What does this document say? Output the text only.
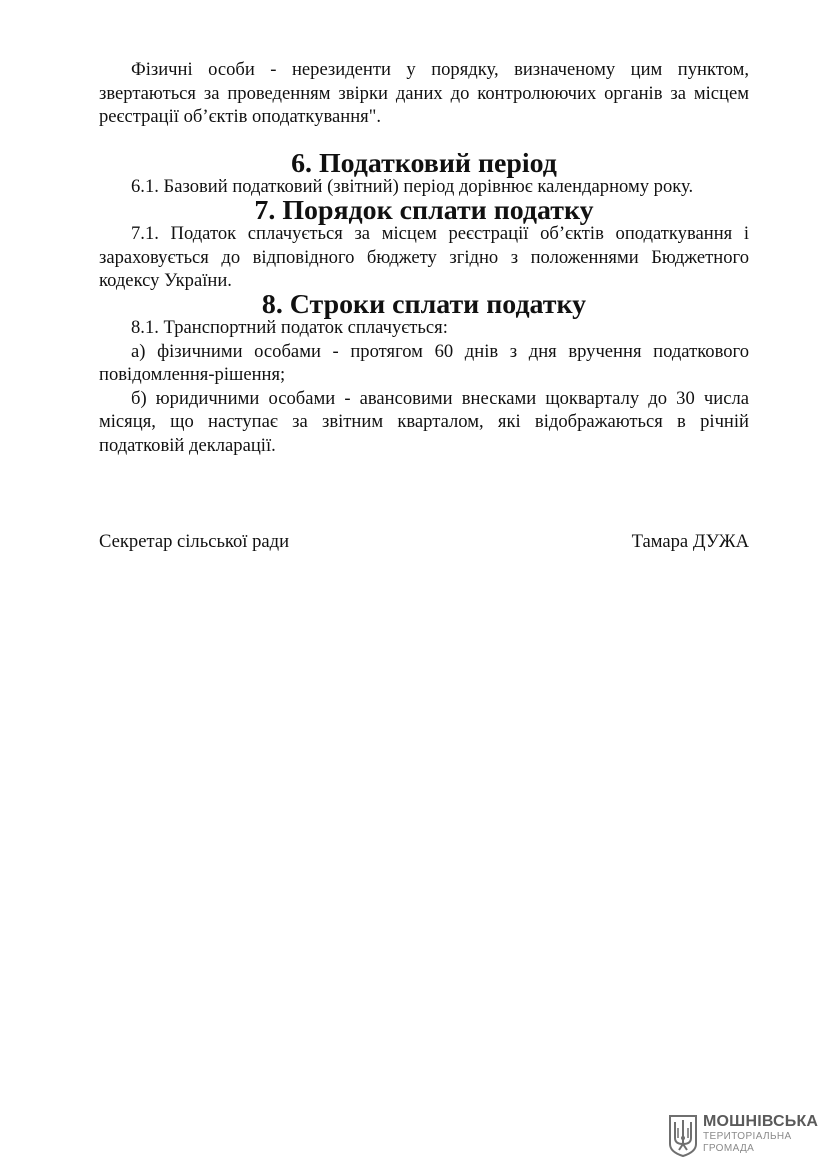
Фізичні особи - нерезиденти у порядку, визначеному цим пунктом, звертаються за проведенням звірки даних до контролюючих органів за місцем реєстрації об’єктів оподаткування".

6. Податковий період

6.1. Базовий податковий (звітний) період дорівнює календарному року.

7. Порядок сплати податку

7.1. Податок сплачується за місцем реєстрації об’єктів оподаткування і зараховується до відповідного бюджету згідно з положеннями Бюджетного кодексу України.

8. Строки сплати податку

8.1. Транспортний податок сплачується:

а) фізичними особами - протягом 60 днів з дня вручення податкового повідомлення-рішення;

б) юридичними особами - авансовими внесками щокварталу до 30 числа місяця, що наступає за звітним кварталом, які відображаються в річній податковій декларації.

Секретар сільської ради	Тамара ДУЖА
МОШНІВСЬКА
ТЕРИТОРІАЛЬНА
ГРОМАДА
